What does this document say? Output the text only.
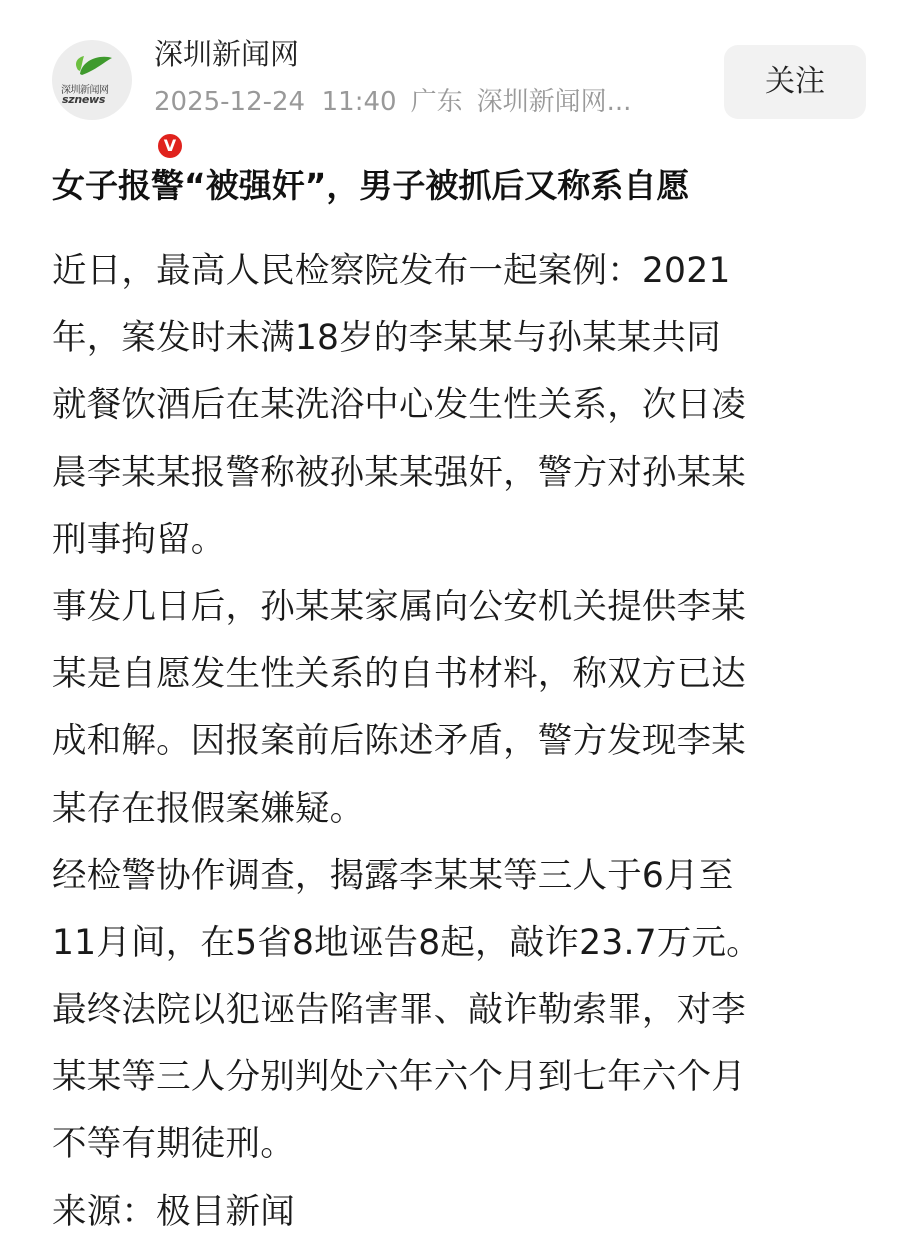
深圳新闻网
sznews
V
深圳新闻网
2025-12-24  11:40 广东 深圳新闻网...
关注
女子报警“被强奸”，男子被抓后又称系自愿

近日，最高人民检察院发布一起案例：2021
年，案发时未满18岁的李某某与孙某某共同
就餐饮酒后在某洗浴中心发生性关系，次日凌
晨李某某报警称被孙某某强奸，警方对孙某某
刑事拘留。

事发几日后，孙某某家属向公安机关提供李某
某是自愿发生性关系的自书材料，称双方已达
成和解。因报案前后陈述矛盾，警方发现李某
某存在报假案嫌疑。

经检警协作调查，揭露李某某等三人于6月至
11月间，在5省8地诬告8起，敲诈23.7万元。

最终法院以犯诬告陷害罪、敲诈勒索罪，对李
某某等三人分别判处六年六个月到七年六个月
不等有期徒刑。

来源：极目新闻
